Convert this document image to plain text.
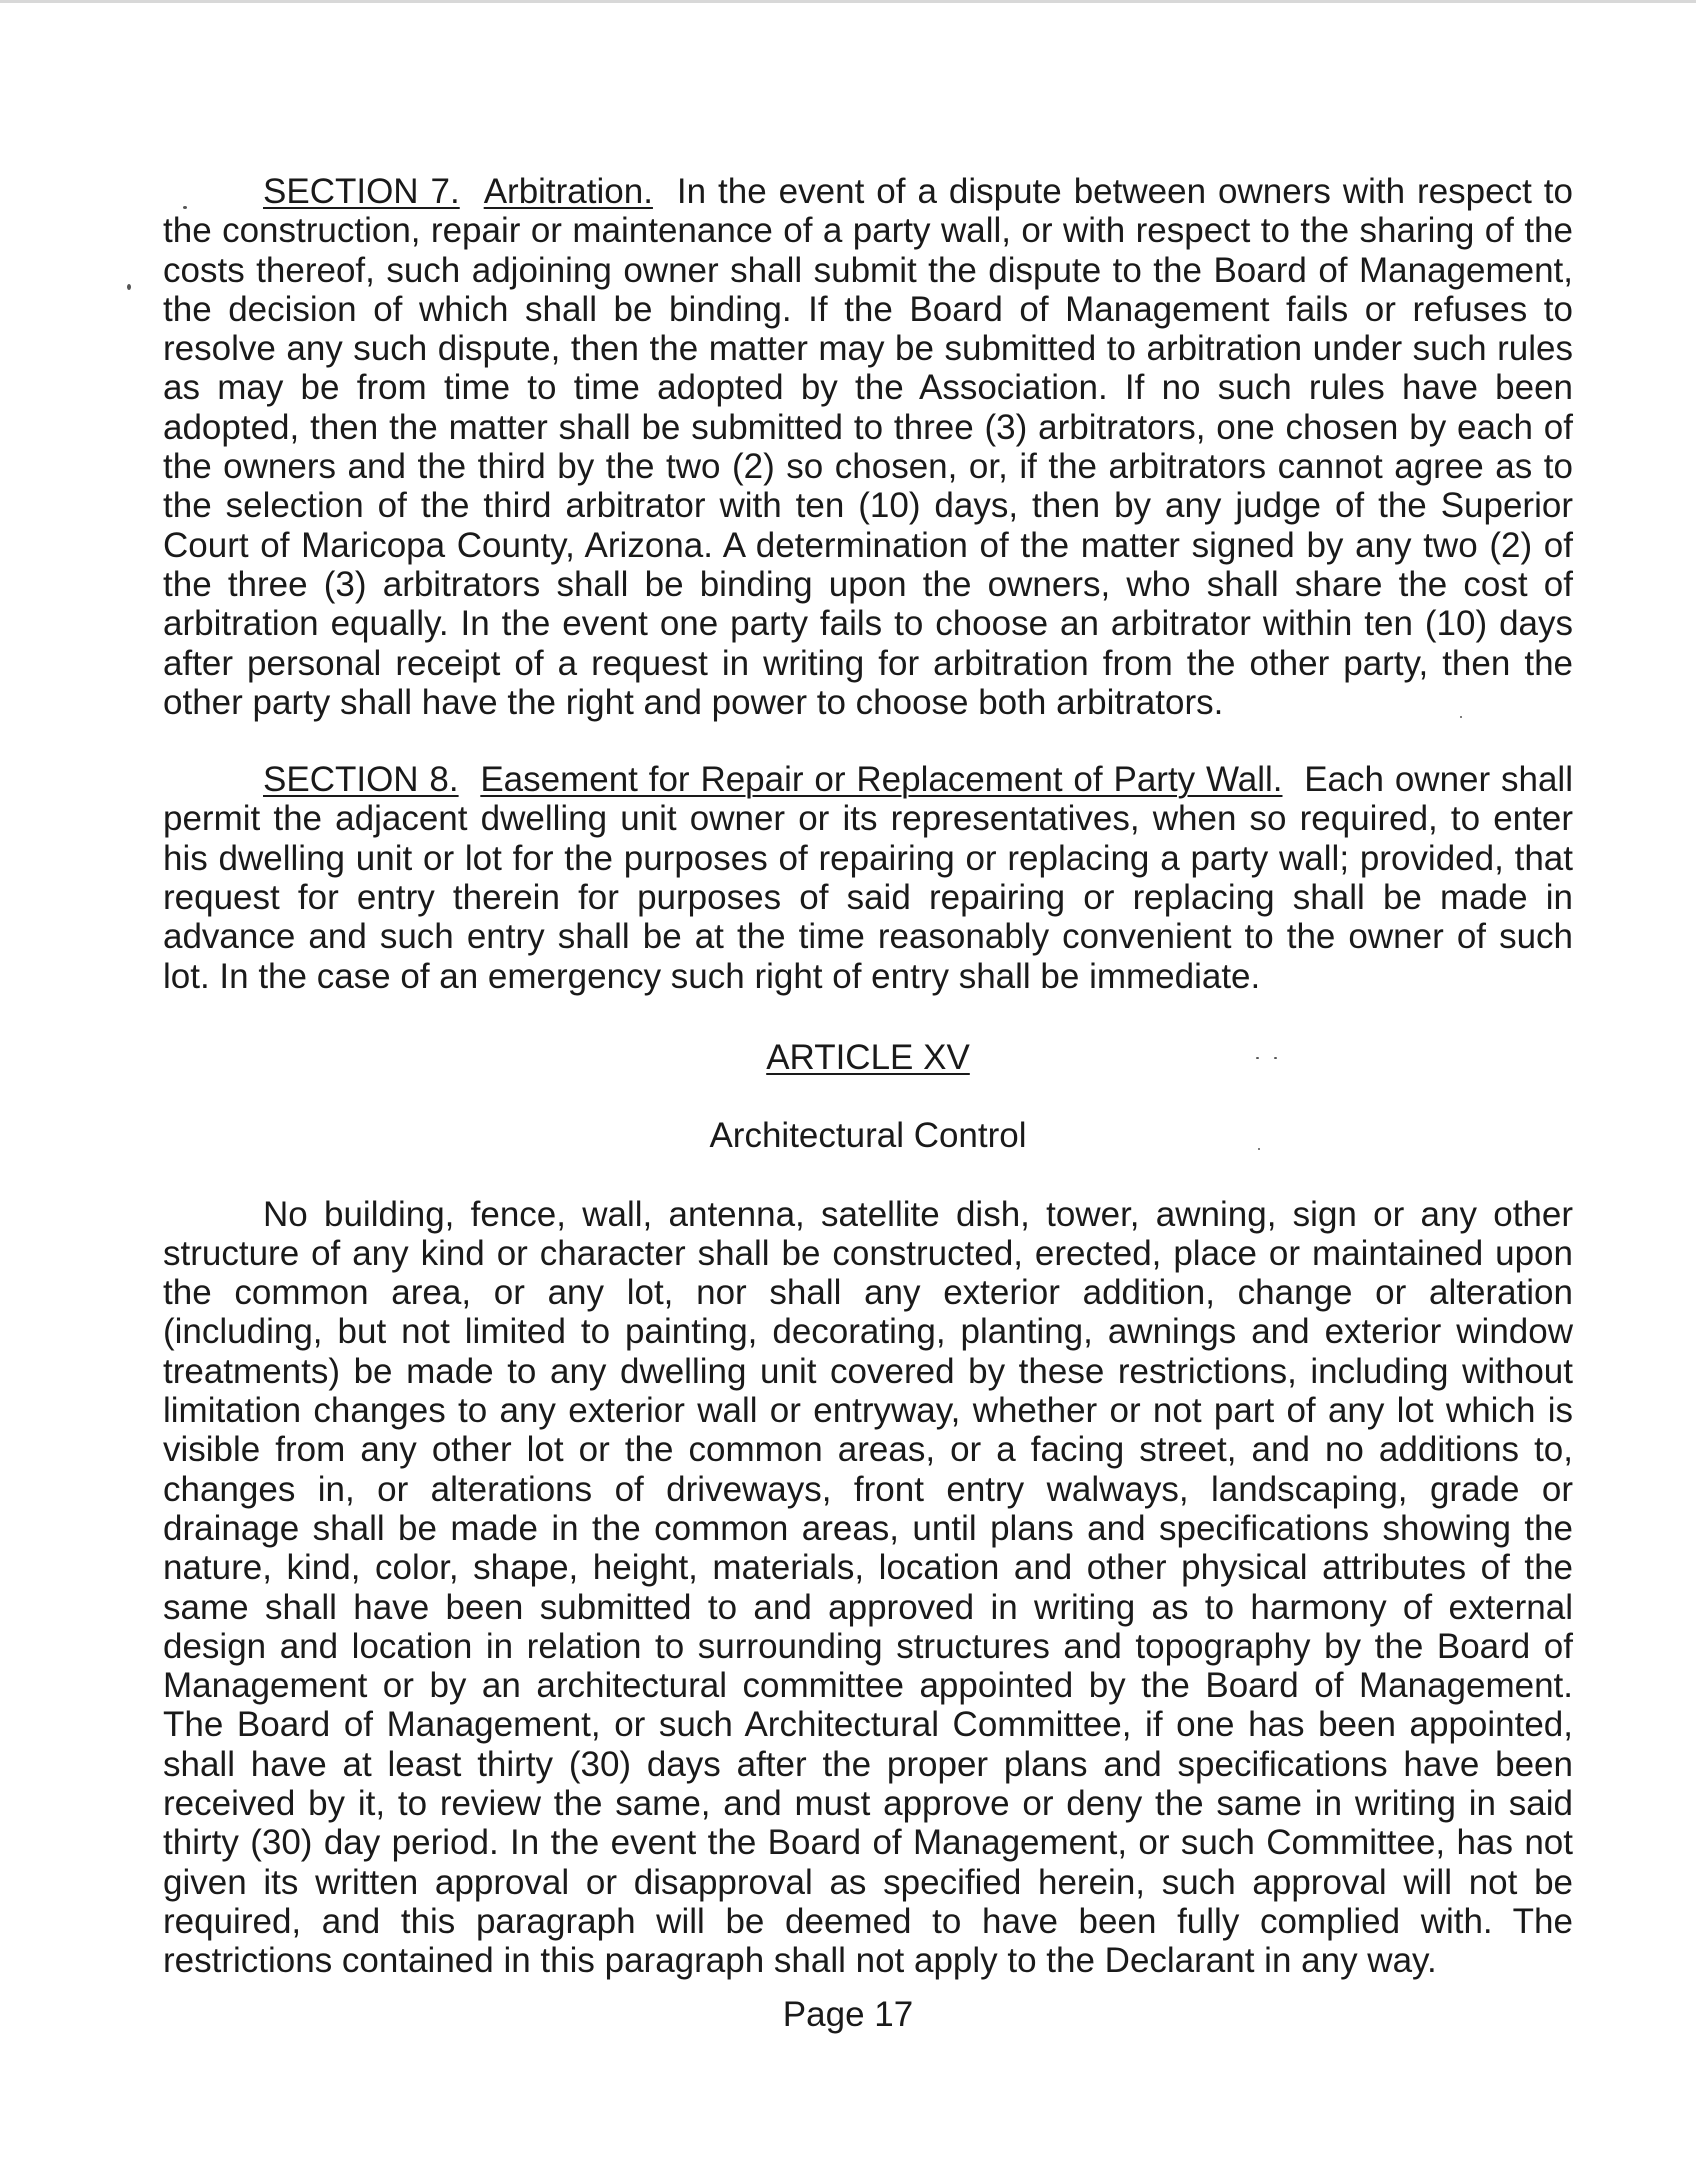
SECTION 7. Arbitration. In the event of a dispute between owners with respect to the construction, repair or maintenance of a party wall, or with respect to the sharing of the costs thereof, such adjoining owner shall submit the dispute to the Board of Management, the decision of which shall be binding. If the Board of Management fails or refuses to resolve any such dispute, then the matter may be submitted to arbitration under such rules as may be from time to time adopted by the Association. If no such rules have been adopted, then the matter shall be submitted to three (3) arbitrators, one chosen by each of the owners and the third by the two (2) so chosen, or, if the arbitrators cannot agree as to the selection of the third arbitrator with ten (10) days, then by any judge of the Superior Court of Maricopa County, Arizona. A determination of the matter signed by any two (2) of the three (3) arbitrators shall be binding upon the owners, who shall share the cost of arbitration equally. In the event one party fails to choose an arbitrator within ten (10) days after personal receipt of a request in writing for arbitration from the other party, then the other party shall have the right and power to choose both arbitrators.

SECTION 8. Easement for Repair or Replacement of Party Wall. Each owner shall permit the adjacent dwelling unit owner or its representatives, when so required, to enter his dwelling unit or lot for the purposes of repairing or replacing a party wall; provided, that request for entry therein for purposes of said repairing or replacing shall be made in advance and such entry shall be at the time reasonably convenient to the owner of such lot. In the case of an emergency such right of entry shall be immediate.

ARTICLE XV

Architectural Control

No building, fence, wall, antenna, satellite dish, tower, awning, sign or any other structure of any kind or character shall be constructed, erected, place or maintained upon the common area, or any lot, nor shall any exterior addition, change or alteration (including, but not limited to painting, decorating, planting, awnings and exterior window treatments) be made to any dwelling unit covered by these restrictions, including without limitation changes to any exterior wall or entryway, whether or not part of any lot which is visible from any other lot or the common areas, or a facing street, and no additions to, changes in, or alterations of driveways, front entry walways, landscaping, grade or drainage shall be made in the common areas, until plans and specifications showing the nature, kind, color, shape, height, materials, location and other physical attributes of the same shall have been submitted to and approved in writing as to harmony of external design and location in relation to surrounding structures and topography by the Board of Management or by an architectural committee appointed by the Board of Management. The Board of Management, or such Architectural Committee, if one has been appointed, shall have at least thirty (30) days after the proper plans and specifications have been received by it, to review the same, and must approve or deny the same in writing in said thirty (30) day period. In the event the Board of Management, or such Committee, has not given its written approval or disapproval as specified herein, such approval will not be required, and this paragraph will be deemed to have been fully complied with. The restrictions contained in this paragraph shall not apply to the Declarant in any way.

Page 17
